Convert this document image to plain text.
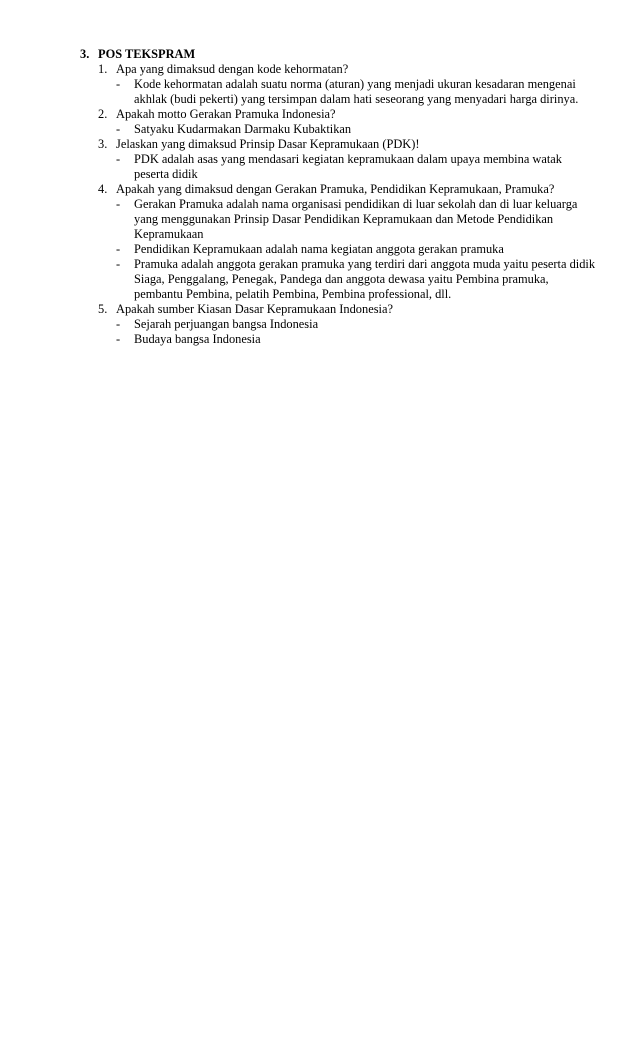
3. POS TEKSPRAM
1. Apa yang dimaksud dengan kode kehormatan?
-	Kode kehormatan adalah suatu norma (aturan) yang menjadi ukuran kesadaran mengenai akhlak (budi pekerti) yang tersimpan dalam hati seseorang yang menyadari harga dirinya.
2. Apakah motto Gerakan Pramuka Indonesia?
-	Satyaku Kudarmakan Darmaku Kubaktikan
3. Jelaskan yang dimaksud Prinsip Dasar Kepramukaan (PDK)!
-	PDK adalah asas yang mendasari kegiatan kepramukaan dalam upaya membina watak peserta didik
4. Apakah yang dimaksud dengan Gerakan Pramuka, Pendidikan Kepramukaan, Pramuka?
-	Gerakan Pramuka adalah nama organisasi pendidikan di luar sekolah dan di luar keluarga yang menggunakan Prinsip Dasar Pendidikan Kepramukaan dan Metode Pendidikan Kepramukaan
-	Pendidikan Kepramukaan adalah nama kegiatan anggota gerakan pramuka
-	Pramuka adalah anggota gerakan pramuka yang terdiri dari anggota muda yaitu peserta didik Siaga, Penggalang, Penegak, Pandega dan anggota dewasa yaitu Pembina pramuka, pembantu Pembina, pelatih Pembina, Pembina professional, dll.
5. Apakah sumber Kiasan Dasar Kepramukaan Indonesia?
-	Sejarah perjuangan bangsa Indonesia
-	Budaya bangsa Indonesia
